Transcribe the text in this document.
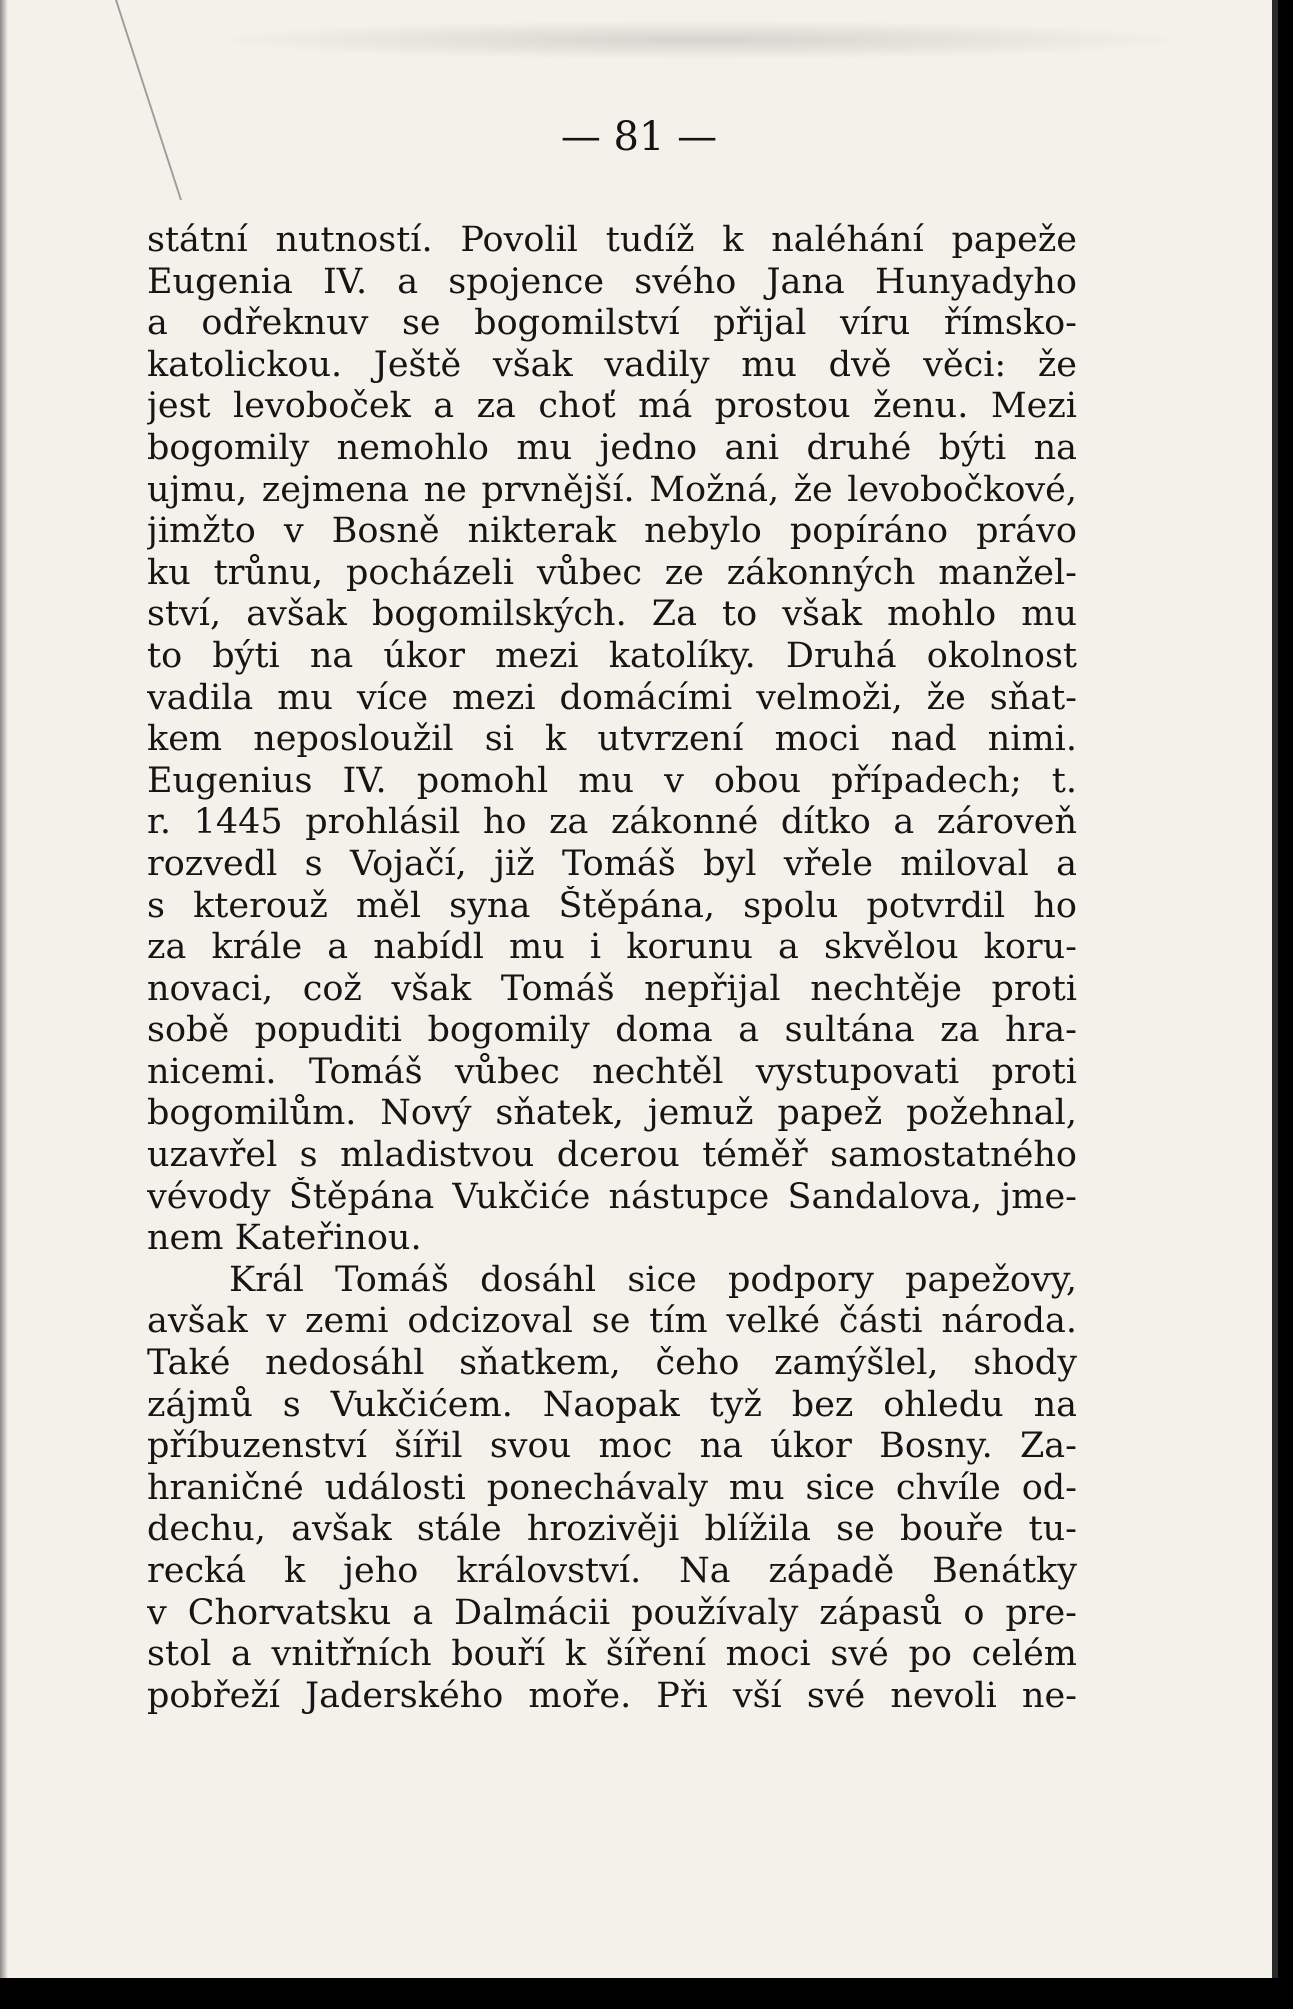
— 81 —
státní nutností. Povolil tudíž k naléhání papeže
Eugenia IV. a spojence svého Jana Hunyadyho
a odřeknuv se bogomilství přijal víru římsko-
katolickou. Ještě však vadily mu dvě věci: že
jest levoboček a za choť má prostou ženu. Mezi
bogomily nemohlo mu jedno ani druhé býti na
ujmu, zejmena ne prvnější. Možná, že levobočkové,
jimžto v Bosně nikterak nebylo popíráno právo
ku trůnu, pocházeli vůbec ze zákonných manžel-
ství, avšak bogomilských. Za to však mohlo mu
to býti na úkor mezi katolíky. Druhá okolnost
vadila mu více mezi domácími velmoži, že sňat-
kem neposloužil si k utvrzení moci nad nimi.
Eugenius IV. pomohl mu v obou případech; t.
r. 1445 prohlásil ho za zákonné dítko a zároveň
rozvedl s Vojačí, již Tomáš byl vřele miloval a
s kterouž měl syna Štěpána, spolu potvrdil ho
za krále a nabídl mu i korunu a skvělou koru-
novaci, což však Tomáš nepřijal nechtěje proti
sobě popuditi bogomily doma a sultána za hra-
nicemi. Tomáš vůbec nechtěl vystupovati proti
bogomilům. Nový sňatek, jemuž papež požehnal,
uzavřel s mladistvou dcerou téměř samostatného
vévody Štěpána Vukčiće nástupce Sandalova, jme-
nem Kateřinou.
Král Tomáš dosáhl sice podpory papežovy,
avšak v zemi odcizoval se tím velké části národa.
Také nedosáhl sňatkem, čeho zamýšlel, shody
zájmů s Vukčićem. Naopak tyž bez ohledu na
příbuzenství šířil svou moc na úkor Bosny. Za-
hraničné události ponechávaly mu sice chvíle od-
dechu, avšak stále hrozivěji blížila se bouře tu-
recká k jeho království. Na západě Benátky
v Chorvatsku a Dalmácii používaly zápasů o pre-
stol a vnitřních bouří k šíření moci své po celém
pobřeží Jaderského moře. Při vší své nevoli ne-
